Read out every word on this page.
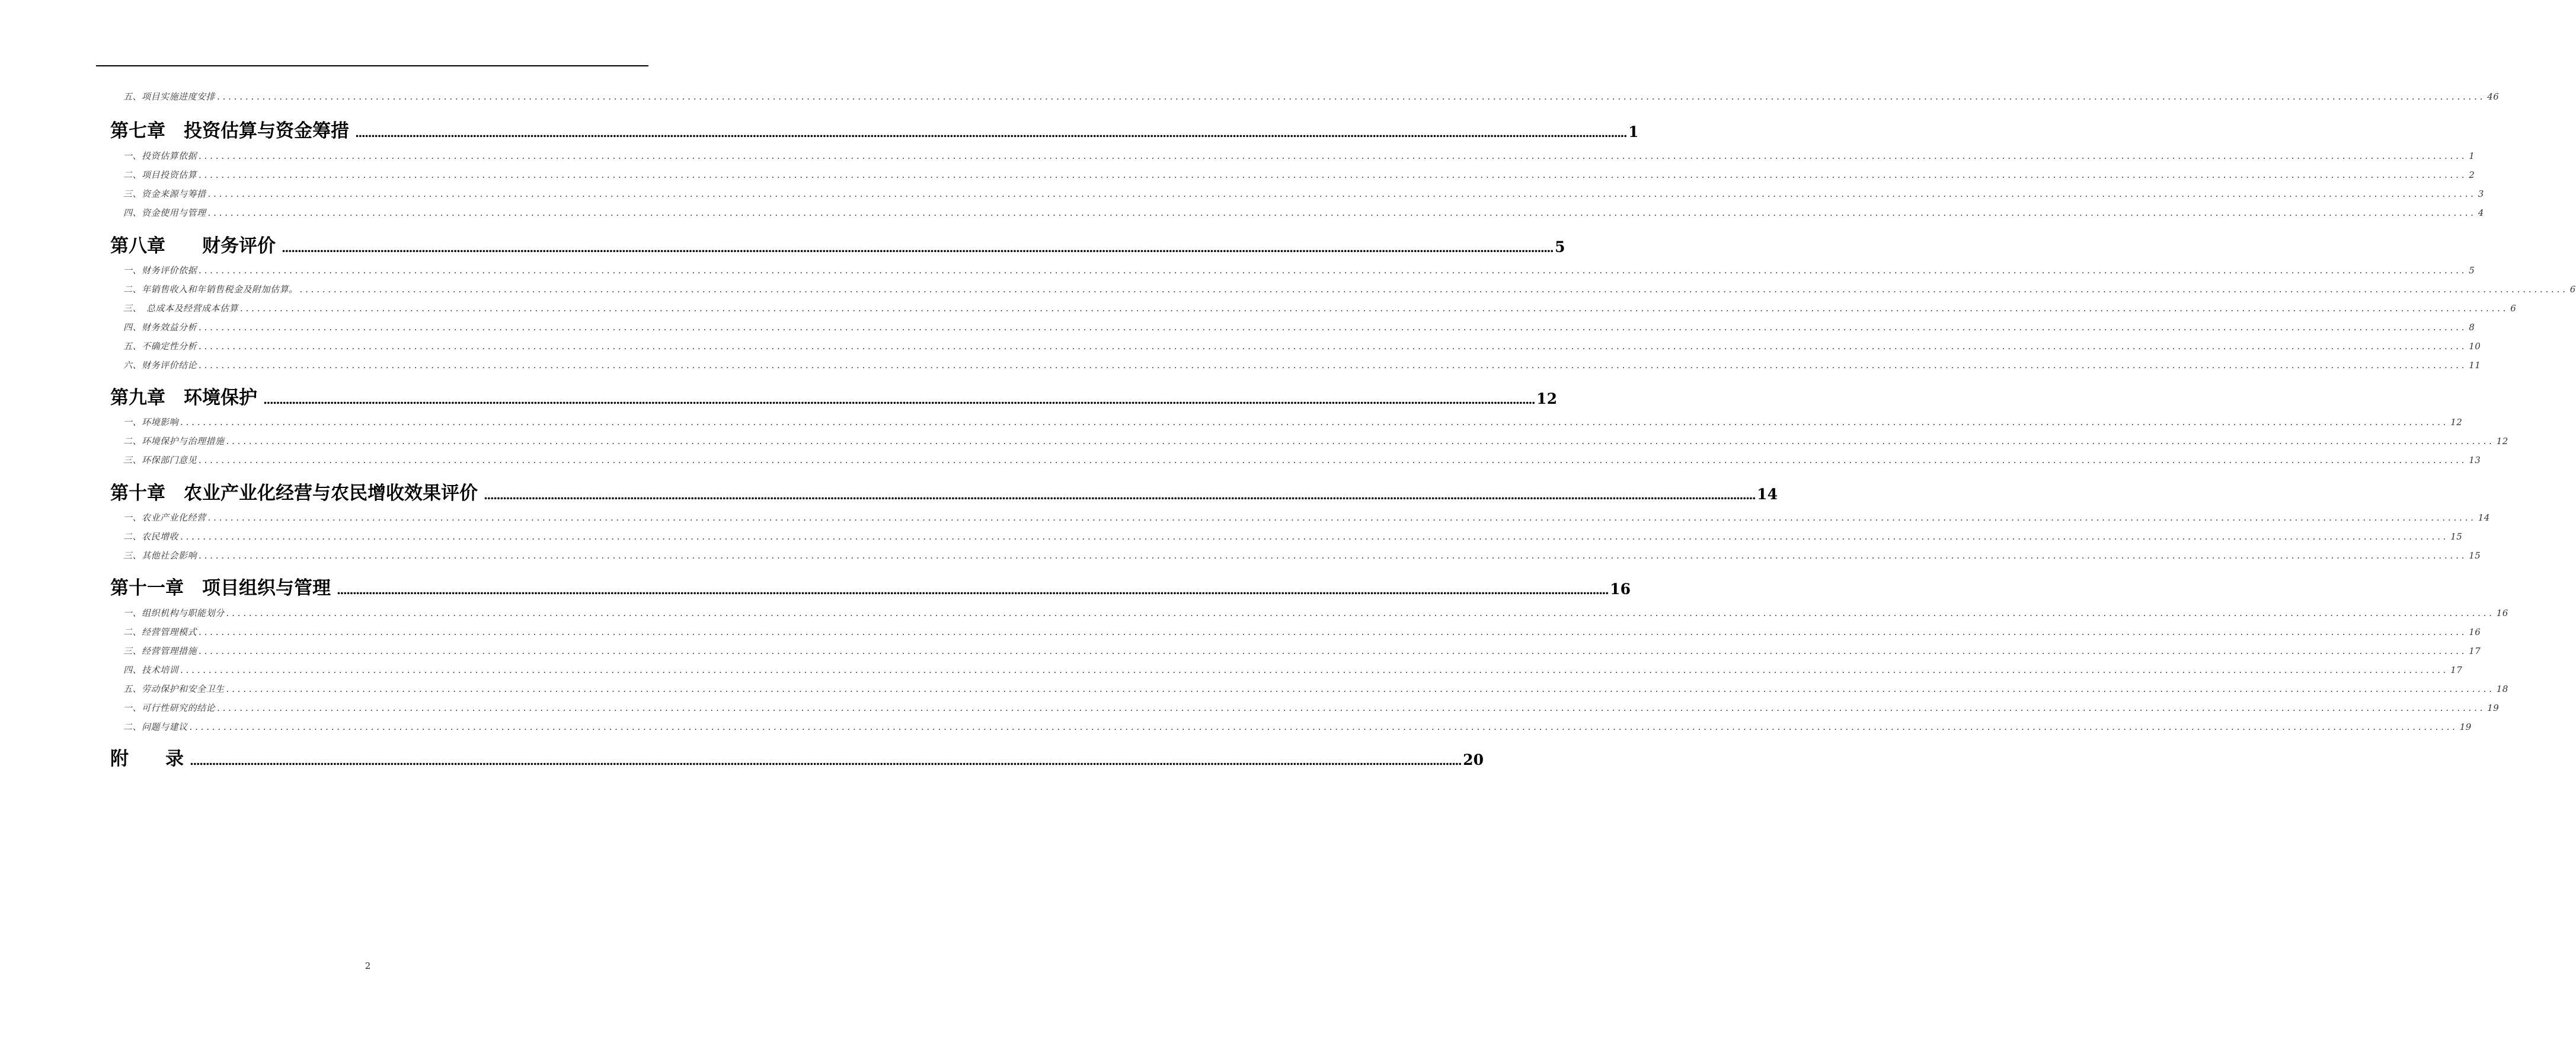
五、项目实施进度安排 ................................................................................................................................................................................................................................................................................................................................................................................................................ 46
第七章　投资估算与资金筹措 ................................................................................................................................................................................................................................................................................................................................................................................................................ 1
一、投资估算依据 ................................................................................................................................................................................................................................................................................................................................................................................................................ 1
二、项目投资估算 ................................................................................................................................................................................................................................................................................................................................................................................................................ 2
三、资金来源与筹措 ................................................................................................................................................................................................................................................................................................................................................................................................................ 3
四、资金使用与管理 ................................................................................................................................................................................................................................................................................................................................................................................................................ 4
第八章　　财务评价 ................................................................................................................................................................................................................................................................................................................................................................................................................ 5
一、财务评价依据 ................................................................................................................................................................................................................................................................................................................................................................................................................ 5
二、年销售收入和年销售税金及附加估算。 ................................................................................................................................................................................................................................................................................................................................................................................................................ 6
三、　总成本及经营成本估算 ................................................................................................................................................................................................................................................................................................................................................................................................................ 6
四、财务效益分析 ................................................................................................................................................................................................................................................................................................................................................................................................................ 8
五、不确定性分析 ................................................................................................................................................................................................................................................................................................................................................................................................................ 10
六、财务评价结论 ................................................................................................................................................................................................................................................................................................................................................................................................................ 11
第九章　环境保护 ................................................................................................................................................................................................................................................................................................................................................................................................................ 12
一、环境影响 ................................................................................................................................................................................................................................................................................................................................................................................................................ 12
二、环境保护与治理措施 ................................................................................................................................................................................................................................................................................................................................................................................................................ 12
三、环保部门意见 ................................................................................................................................................................................................................................................................................................................................................................................................................ 13
第十章　农业产业化经营与农民增收效果评价 ................................................................................................................................................................................................................................................................................................................................................................................................................ 14
一、农业产业化经营 ................................................................................................................................................................................................................................................................................................................................................................................................................ 14
二、农民增收 ................................................................................................................................................................................................................................................................................................................................................................................................................ 15
三、其他社会影响 ................................................................................................................................................................................................................................................................................................................................................................................................................ 15
第十一章　项目组织与管理 ................................................................................................................................................................................................................................................................................................................................................................................................................ 16
一、组织机构与职能划分 ................................................................................................................................................................................................................................................................................................................................................................................................................ 16
二、经营管理模式 ................................................................................................................................................................................................................................................................................................................................................................................................................ 16
三、经营管理措施 ................................................................................................................................................................................................................................................................................................................................................................................................................ 17
四、技术培训 ................................................................................................................................................................................................................................................................................................................................................................................................................ 17
五、劳动保护和安全卫生 ................................................................................................................................................................................................................................................................................................................................................................................................................ 18
一、可行性研究的结论 ................................................................................................................................................................................................................................................................................................................................................................................................................ 19
二、问题与建议 ................................................................................................................................................................................................................................................................................................................................................................................................................ 19
附　　录 ................................................................................................................................................................................................................................................................................................................................................................................................................ 20
2
